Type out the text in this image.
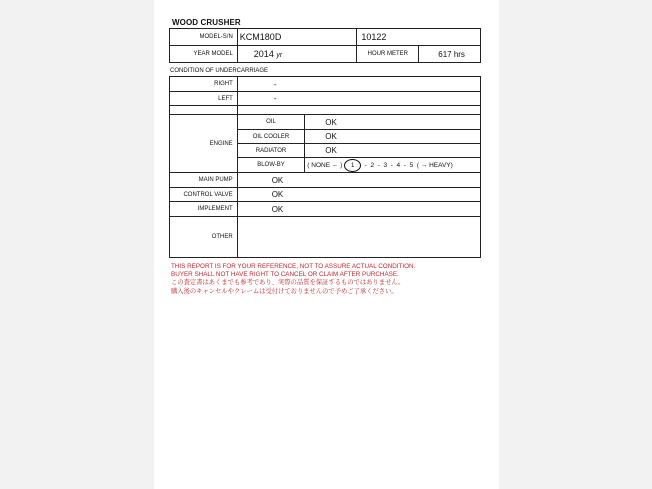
WOOD CRUSHER
MODEL-S/N	KCM180D	10122	
YEAR MODEL	2014 yr	HOUR METER	617 hrs
CONDITION OF UNDERCARRIAGE
RIGHT	-
LEFT	-

ENGINE	OIL	OK
	OIL COOLER	OK
	RADIATOR	OK
	BLOW-BY	( NONE ← ) 1  -  2  -  3  -  4  -  5 ( → HEAVY)
MAIN PUMP	OK	
CONTROL VALVE	OK	
IMPLEMENT	OK	
OTHER		
THIS REPORT IS FOR YOUR REFERENCE, NOT TO ASSURE ACTUAL CONDITION.
BUYER SHALL NOT HAVE RIGHT TO CANCEL OR CLAIM AFTER PURCHASE.
この査定書はあくまでも参考であり、実際の品質を保証するものではありません。
購入後のキャンセルやクレームは受付けておりませんので予めご了承ください。
